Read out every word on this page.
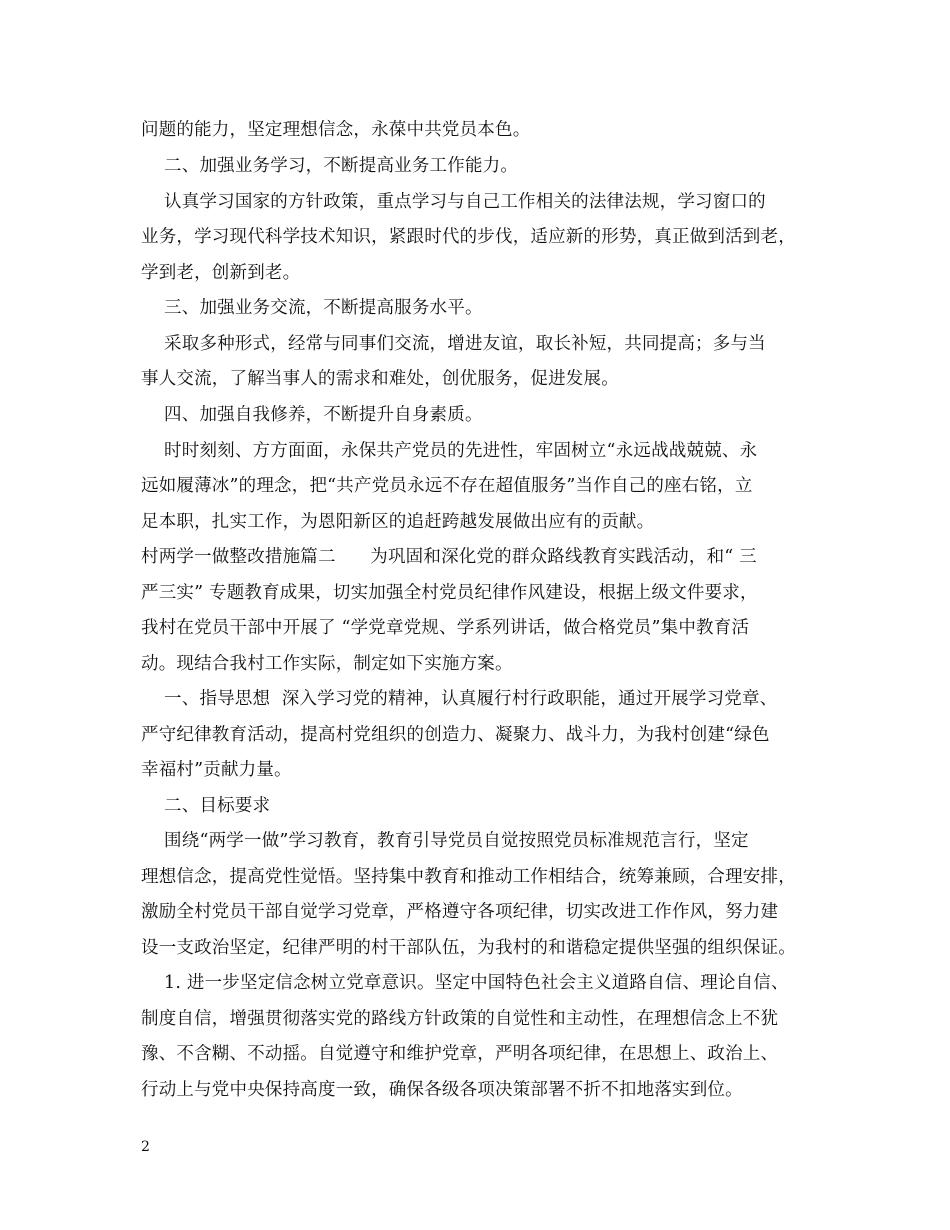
问题的能力，坚定理想信念，永葆中共党员本色。
二、加强业务学习，不断提高业务工作能力。
认真学习国家的方针政策，重点学习与自己工作相关的法律法规，学习窗口的
业务，学习现代科学技术知识，紧跟时代的步伐，适应新的形势，真正做到活到老，
学到老，创新到老。
三、加强业务交流，不断提高服务水平。
采取多种形式，经常与同事们交流，增进友谊，取长补短，共同提高；多与当
事人交流，了解当事人的需求和难处，创优服务，促进发展。
四、加强自我修养，不断提升自身素质。
时时刻刻、方方面面，永保共产党员的先进性，牢固树立“永远战战兢兢、永
远如履薄冰”的理念，把“共产党员永远不存在超值服务”当作自己的座右铭，立
足本职，扎实工作，为恩阳新区的追赶跨越发展做出应有的贡献。
村两学一做整改措施篇二      为巩固和深化党的群众路线教育实践活动，和“ 三
严三实” 专题教育成果，切实加强全村党员纪律作风建设，根据上级文件要求，
我村在党员干部中开展了 “学党章党规、学系列讲话，做合格党员”集中教育活
动。现结合我村工作实际，制定如下实施方案。
一、指导思想  深入学习党的精神，认真履行村行政职能，通过开展学习党章、
严守纪律教育活动，提高村党组织的创造力、凝聚力、战斗力，为我村创建“绿色
幸福村”贡献力量。
二、目标要求
围绕“两学一做”学习教育，教育引导党员自觉按照党员标准规范言行，坚定
理想信念，提高党性觉悟。坚持集中教育和推动工作相结合，统筹兼顾，合理安排，
激励全村党员干部自觉学习党章，严格遵守各项纪律，切实改进工作作风，努力建
设一支政治坚定，纪律严明的村干部队伍，为我村的和谐稳定提供坚强的组织保证。
1. 进一步坚定信念树立党章意识。坚定中国特色社会主义道路自信、理论自信、
制度自信，增强贯彻落实党的路线方针政策的自觉性和主动性，在理想信念上不犹
豫、不含糊、不动摇。自觉遵守和维护党章，严明各项纪律，在思想上、政治上、
行动上与党中央保持高度一致，确保各级各项决策部署不折不扣地落实到位。
2
